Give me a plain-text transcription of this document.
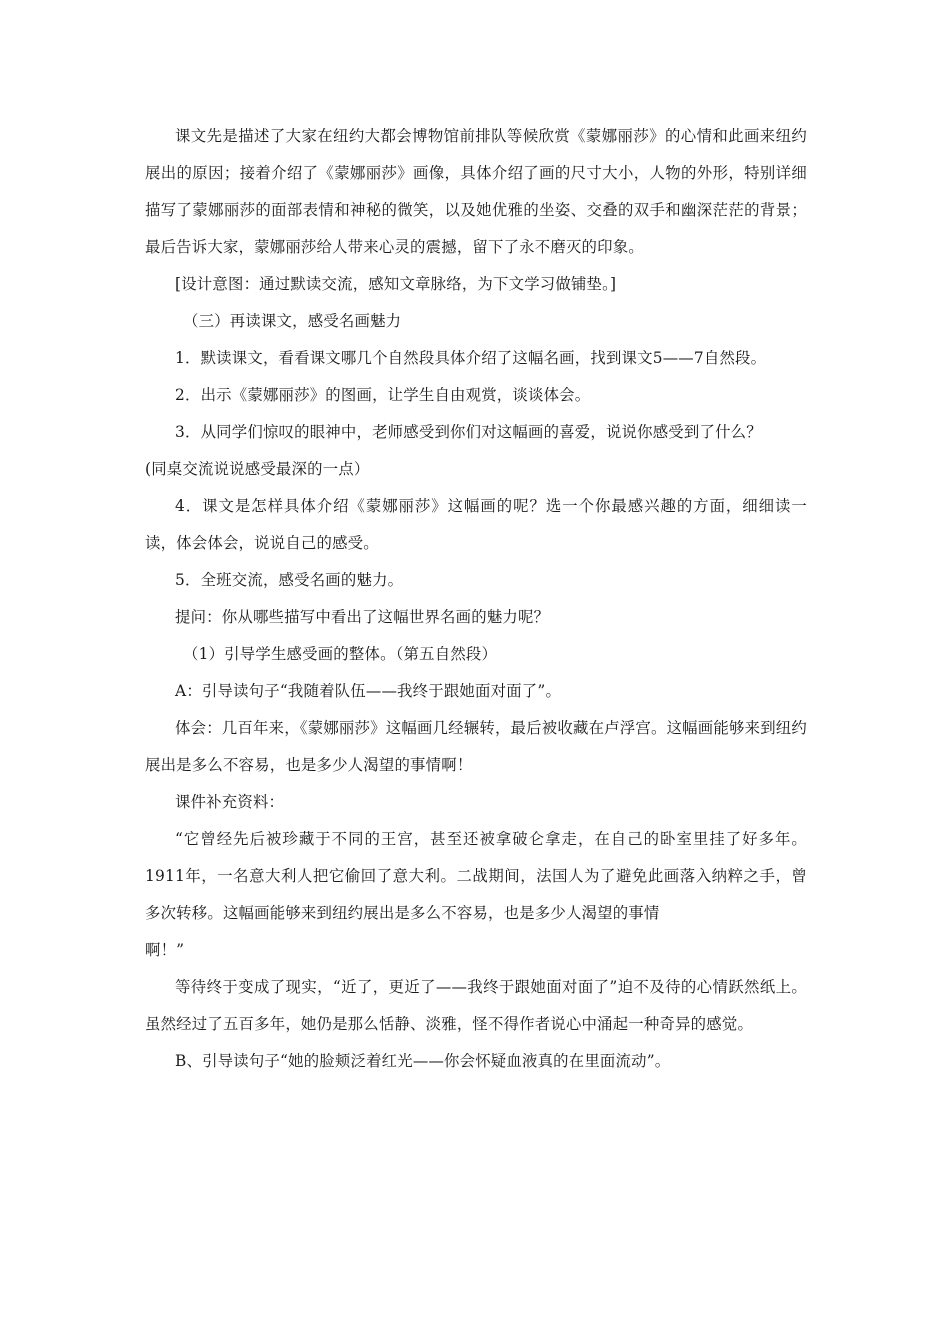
课文先是描述了大家在纽约大都会博物馆前排队等候欣赏《蒙娜丽莎》的心情和此画来纽约展出的原因；接着介绍了《蒙娜丽莎》画像，具体介绍了画的尺寸大小，人物的外形，特别详细描写了蒙娜丽莎的面部表情和神秘的微笑，以及她优雅的坐姿、交叠的双手和幽深茫茫的背景；最后告诉大家，蒙娜丽莎给人带来心灵的震撼，留下了永不磨灭的印象。

[设计意图：通过默读交流，感知文章脉络，为下文学习做铺垫。]

（三）再读课文，感受名画魅力

1．默读课文，看看课文哪几个自然段具体介绍了这幅名画，找到课文5——7自然段。

2．出示《蒙娜丽莎》的图画，让学生自由观赏，谈谈体会。

3．从同学们惊叹的眼神中，老师感受到你们对这幅画的喜爱，说说你感受到了什么？

(同桌交流说说感受最深的一点）

4．课文是怎样具体介绍《蒙娜丽莎》这幅画的呢？选一个你最感兴趣的方面，细细读一读，体会体会，说说自己的感受。

5．全班交流，感受名画的魅力。

提问：你从哪些描写中看出了这幅世界名画的魅力呢？

（1）引导学生感受画的整体。（第五自然段）

A：引导读句子“我随着队伍——我终于跟她面对面了”。

体会：几百年来，《蒙娜丽莎》这幅画几经辗转，最后被收藏在卢浮宫。这幅画能够来到纽约展出是多么不容易，也是多少人渴望的事情啊！

课件补充资料：

“它曾经先后被珍藏于不同的王宫，甚至还被拿破仑拿走，在自己的卧室里挂了好多年。1911年，一名意大利人把它偷回了意大利。二战期间，法国人为了避免此画落入纳粹之手，曾多次转移。这幅画能够来到纽约展出是多么不容易，也是多少人渴望的事情

啊！”

等待终于变成了现实，“近了，更近了——我终于跟她面对面了”迫不及待的心情跃然纸上。虽然经过了五百多年，她仍是那么恬静、淡雅，怪不得作者说心中涌起一种奇异的感觉。

B、引导读句子“她的脸颊泛着红光——你会怀疑血液真的在里面流动”。
